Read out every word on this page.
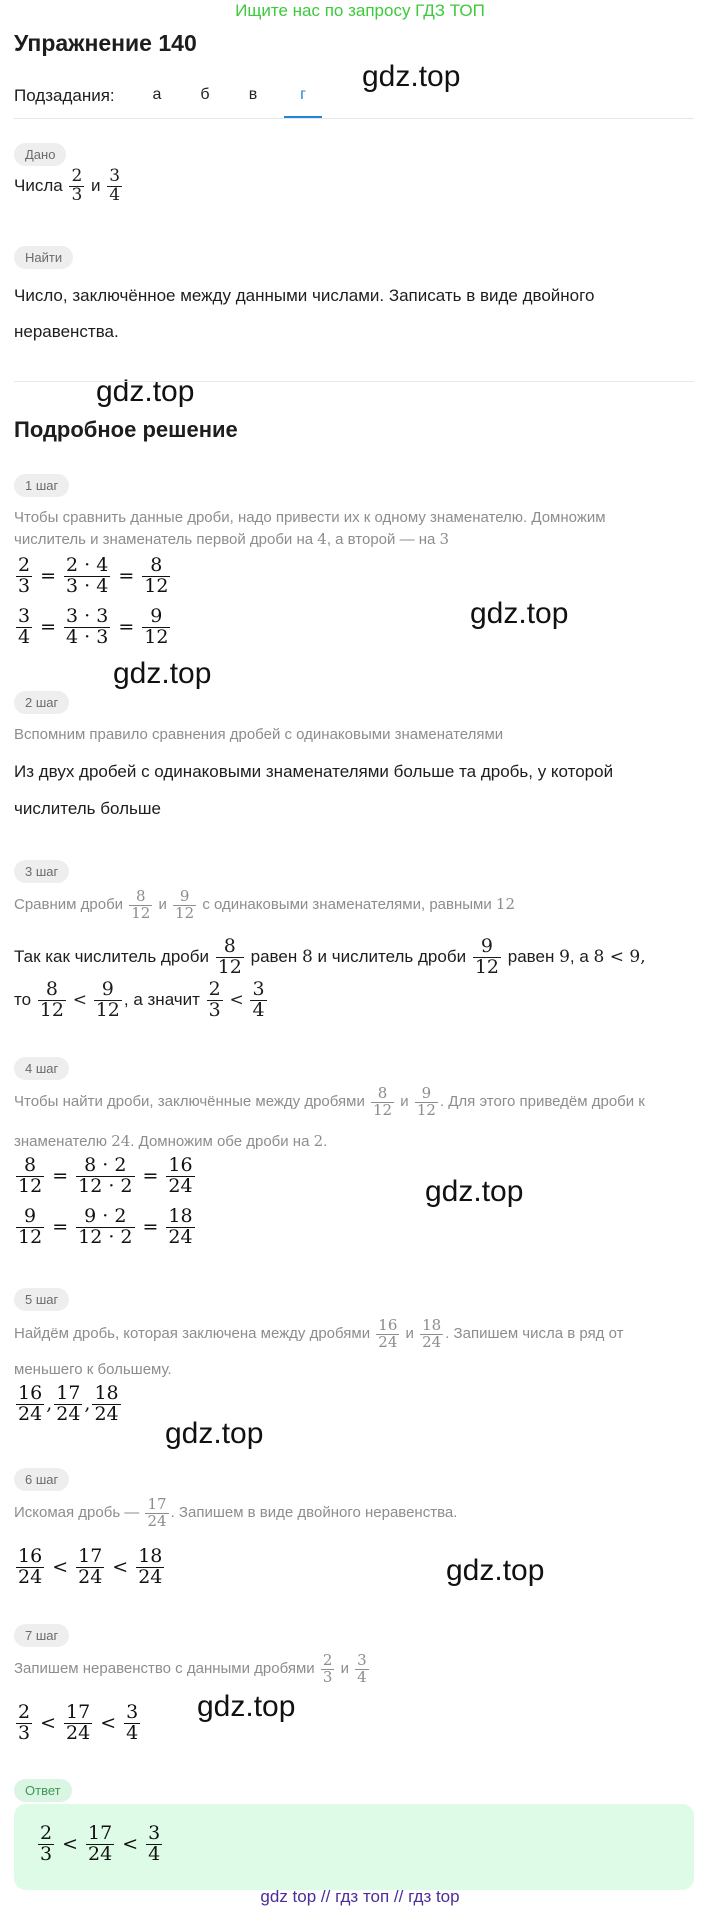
Ищите нас по запросу ГДЗ ТОП
Упражнение 140
Подзадания:	а	б	в	г
gdz.top
gdz.top
gdz.top
gdz.top
gdz.top
gdz.top
gdz.top
gdz.top
Дано
Числа $\frac{2}{3}$ и $\frac{3}{4}$
Найти
Число, заключённое между данными числами. Записать в виде двойного
неравенства.
Подробное решение
1 шаг
Чтобы сравнить данные дроби, надо привести их к одному знаменателю. Домножим
числитель и знаменатель первой дроби на 4, а второй — на 3
$\frac{2}{3} = \frac{2 \cdot 4}{3 \cdot 4} = \frac{8}{12}$
$\frac{3}{4} = \frac{3 \cdot 3}{4 \cdot 3} = \frac{9}{12}$
2 шаг
Вспомним правило сравнения дробей с одинаковыми знаменателями
Из двух дробей с одинаковыми знаменателями больше та дробь, у которой
числитель больше
3 шаг
Сравним дроби $\frac{8}{12}$ и $\frac{9}{12}$ с одинаковыми знаменателями, равными 12
Так как числитель дроби $\frac{8}{12}$ равен 8 и числитель дроби $\frac{9}{12}$ равен 9, а 8 < 9,
то $\frac{8}{12} < \frac{9}{12}$ , а значит $\frac{2}{3} < \frac{3}{4}$
4 шаг
Чтобы найти дроби, заключённые между дробями $\frac{8}{12}$ и $\frac{9}{12}$ . Для этого приведём дроби к
знаменателю 24. Домножим обе дроби на 2.
$\frac{8}{12} = \frac{8 \cdot 2}{12 \cdot 2} = \frac{16}{24}$
$\frac{9}{12} = \frac{9 \cdot 2}{12 \cdot 2} = \frac{18}{24}$
5 шаг
Найдём дробь, которая заключена между дробями $\frac{16}{24}$ и $\frac{18}{24}$ . Запишем числа в ряд от
меньшего к большему.
$\frac{16}{24}$ , $\frac{17}{24}$ , $\frac{18}{24}$
6 шаг
Искомая дробь — $\frac{17}{24}$ . Запишем в виде двойного неравенства.
$\frac{16}{24} < \frac{17}{24} < \frac{18}{24}$
7 шаг
Запишем неравенство с данными дробями $\frac{2}{3}$ и $\frac{3}{4}$
$\frac{2}{3} < \frac{17}{24} < \frac{3}{4}$
Ответ
$\frac{2}{3} < \frac{17}{24} < \frac{3}{4}$
gdz top // гдз топ // гдз top
